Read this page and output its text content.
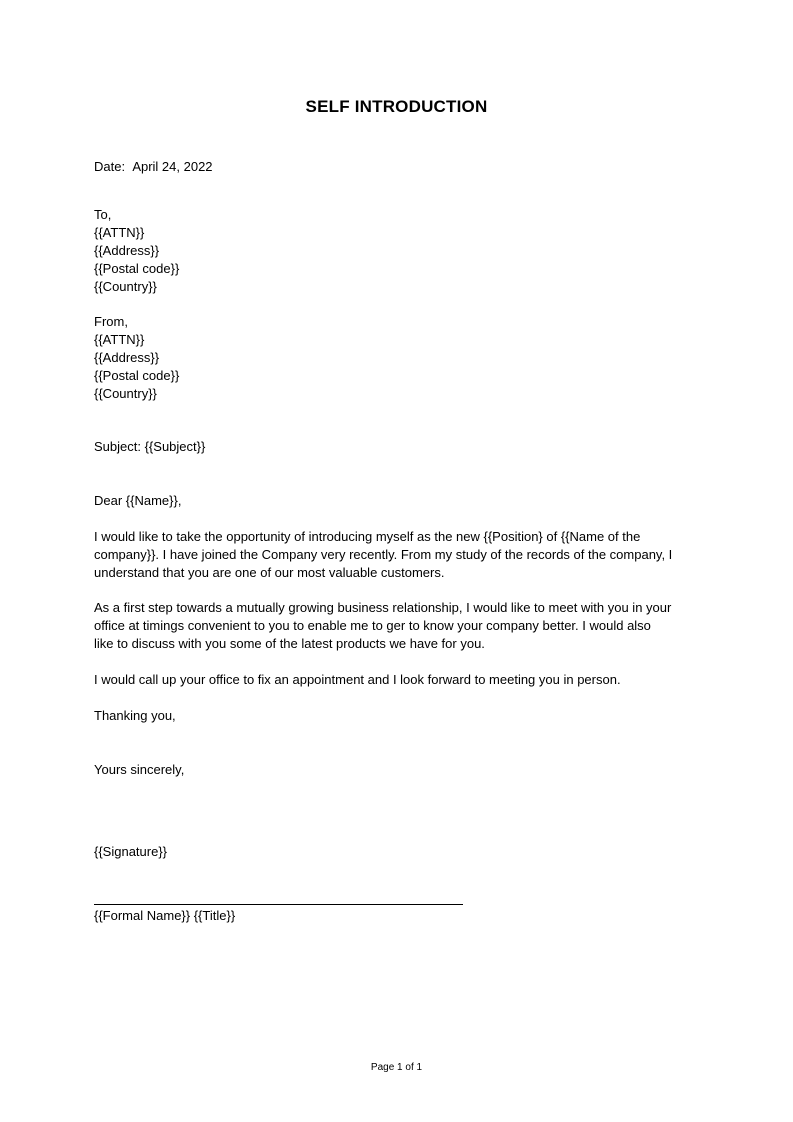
SELF INTRODUCTION
Date: April 24, 2022
To,
{{ATTN}}
{{Address}}
{{Postal code}}
{{Country}}
From,
{{ATTN}}
{{Address}}
{{Postal code}}
{{Country}}
Subject: {{Subject}}
Dear {{Name}},
I would like to take the opportunity of introducing myself as the new {{Position} of {{Name of the
company}}. I have joined the Company very recently. From my study of the records of the company, I
understand that you are one of our most valuable customers.
As a first step towards a mutually growing business relationship, I would like to meet with you in your
office at timings convenient to you to enable me to ger to know your company better. I would also
like to discuss with you some of the latest products we have for you.
I would call up your office to fix an appointment and I look forward to meeting you in person.
Thanking you,
Yours sincerely,
{{Signature}}
{{Formal Name}} {{Title}}
Page 1 of 1
